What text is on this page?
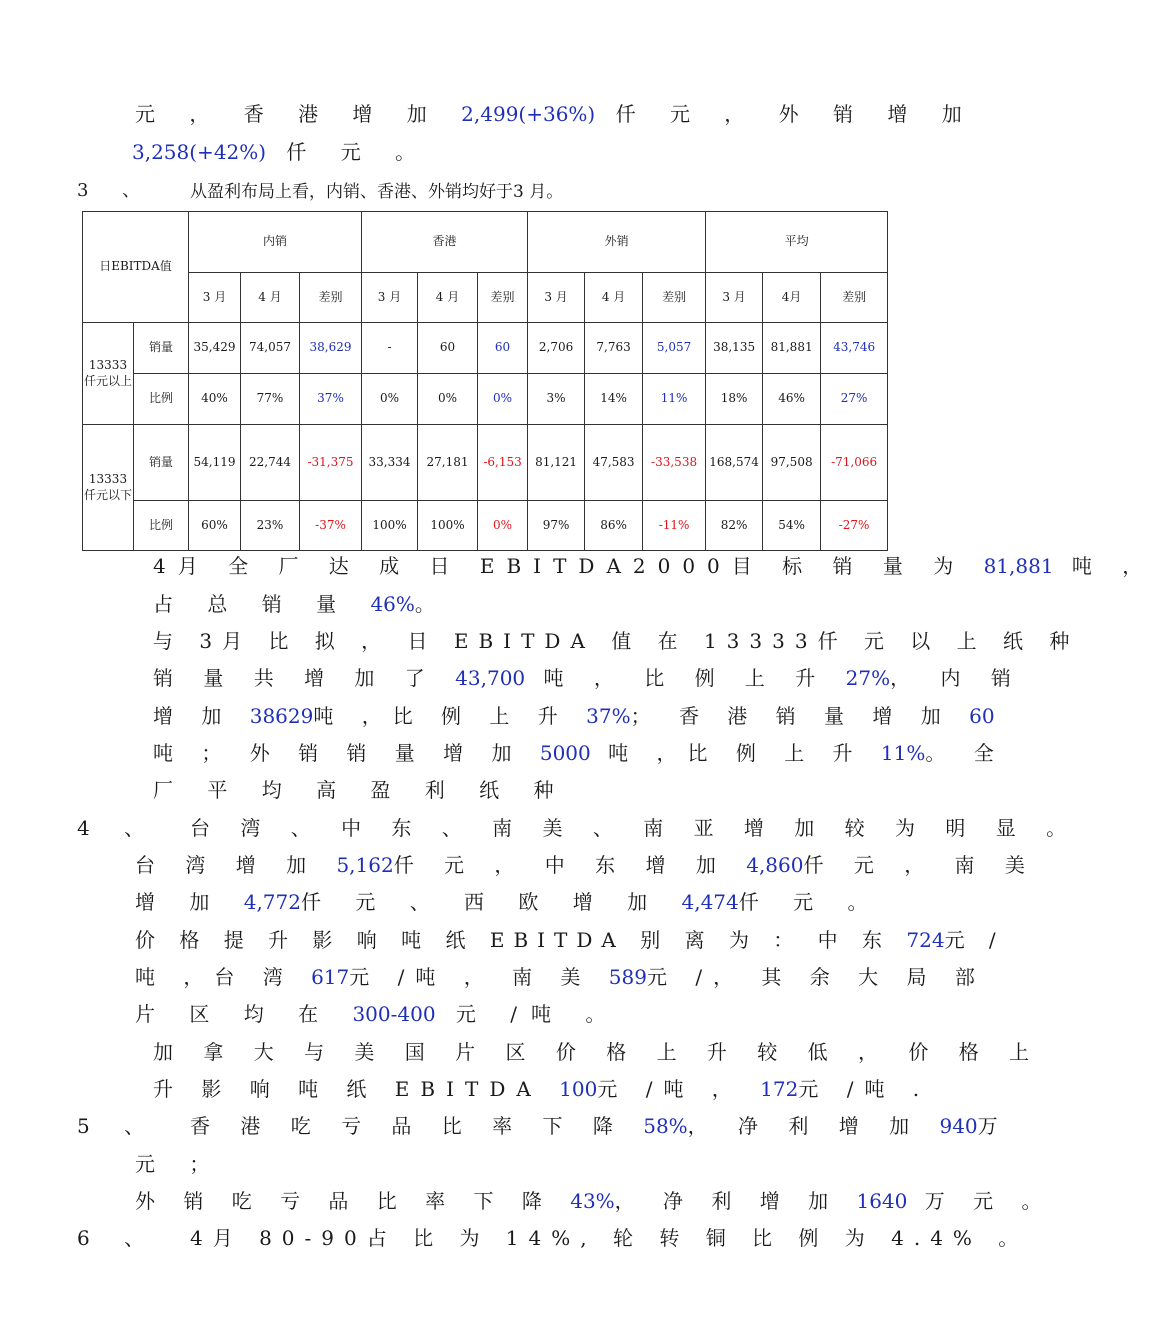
元 ， 香 港 增 加 2,499(+36%) 仟 元 ， 外 销 增 加
3,258(+42%) 仟 元 。
3 、 从盈利布局上看，内销、香港、外销均好于3 月。
日EBITDA值		内销			香港			外销			平均		
		3 月	4 月	差别	3 月	4 月	差别	3 月	4 月	差别	3 月	4月	差别
13333 仟元以上	销量	35,429	74,057	38,629	-	60	60	2,706	7,763	5,057	38,135	81,881	43,746
	比例	40%	77%	37%	0%	0%	0%	3%	14%	11%	18%	46%	27%
13333 仟元以下	销量	54,119	22,744	-31,375	33,334	27,181	-6,153	81,121	47,583	-33,538	168,574	97,508	-71,066
	比例	60%	23%	-37%	100%	100%	0%	97%	86%	-11%	82%	54%	-27%
4月 全 厂 达 成 日 EBITDA2000目 标 销 量 为 81,881 吨 ，
占 总 销 量 46%。
与 3月 比 拟 ， 日 EBITDA 值 在 13333仟 元 以 上 纸 种
销 量 共 增 加 了 43,700 吨 ， 比 例 上 升 27%， 内 销
增 加 38629吨 ，比 例 上 升 37%； 香 港 销 量 增 加 60
吨 ； 外 销 销 量 增 加 5000 吨 ，比 例 上 升 11%。 全
厂 平 均 高 盈 利 纸 种
4 、 台 湾 、 中 东 、 南 美 、 南 亚 增 加 较 为 明 显 。
台 湾 增 加 5,162仟 元 ， 中 东 增 加 4,860仟 元 ， 南 美
增 加 4,772仟 元 、 西 欧 增 加 4,474仟 元 。
价 格 提 升 影 响 吨 纸 EBITDA 别 离 为 ： 中 东 724元 /
吨 ，台 湾 617元 /吨 ， 南 美 589元 /， 其 余 大 局 部
片 区 均 在 300-400 元 /吨 。
加 拿 大 与 美 国 片 区 价 格 上 升 较 低 ， 价 格 上
升 影 响 吨 纸 EBITDA 100元 /吨 ， 172元 /吨 .
5 、 香 港 吃 亏 品 比 率 下 降 58%， 净 利 增 加 940万
元 ；
外 销 吃 亏 品 比 率 下 降 43%， 净 利 增 加 1640 万 元 。
6 、 4月 80-90占 比 为 14%, 轮 转 铜 比 例 为 4.4% 。
